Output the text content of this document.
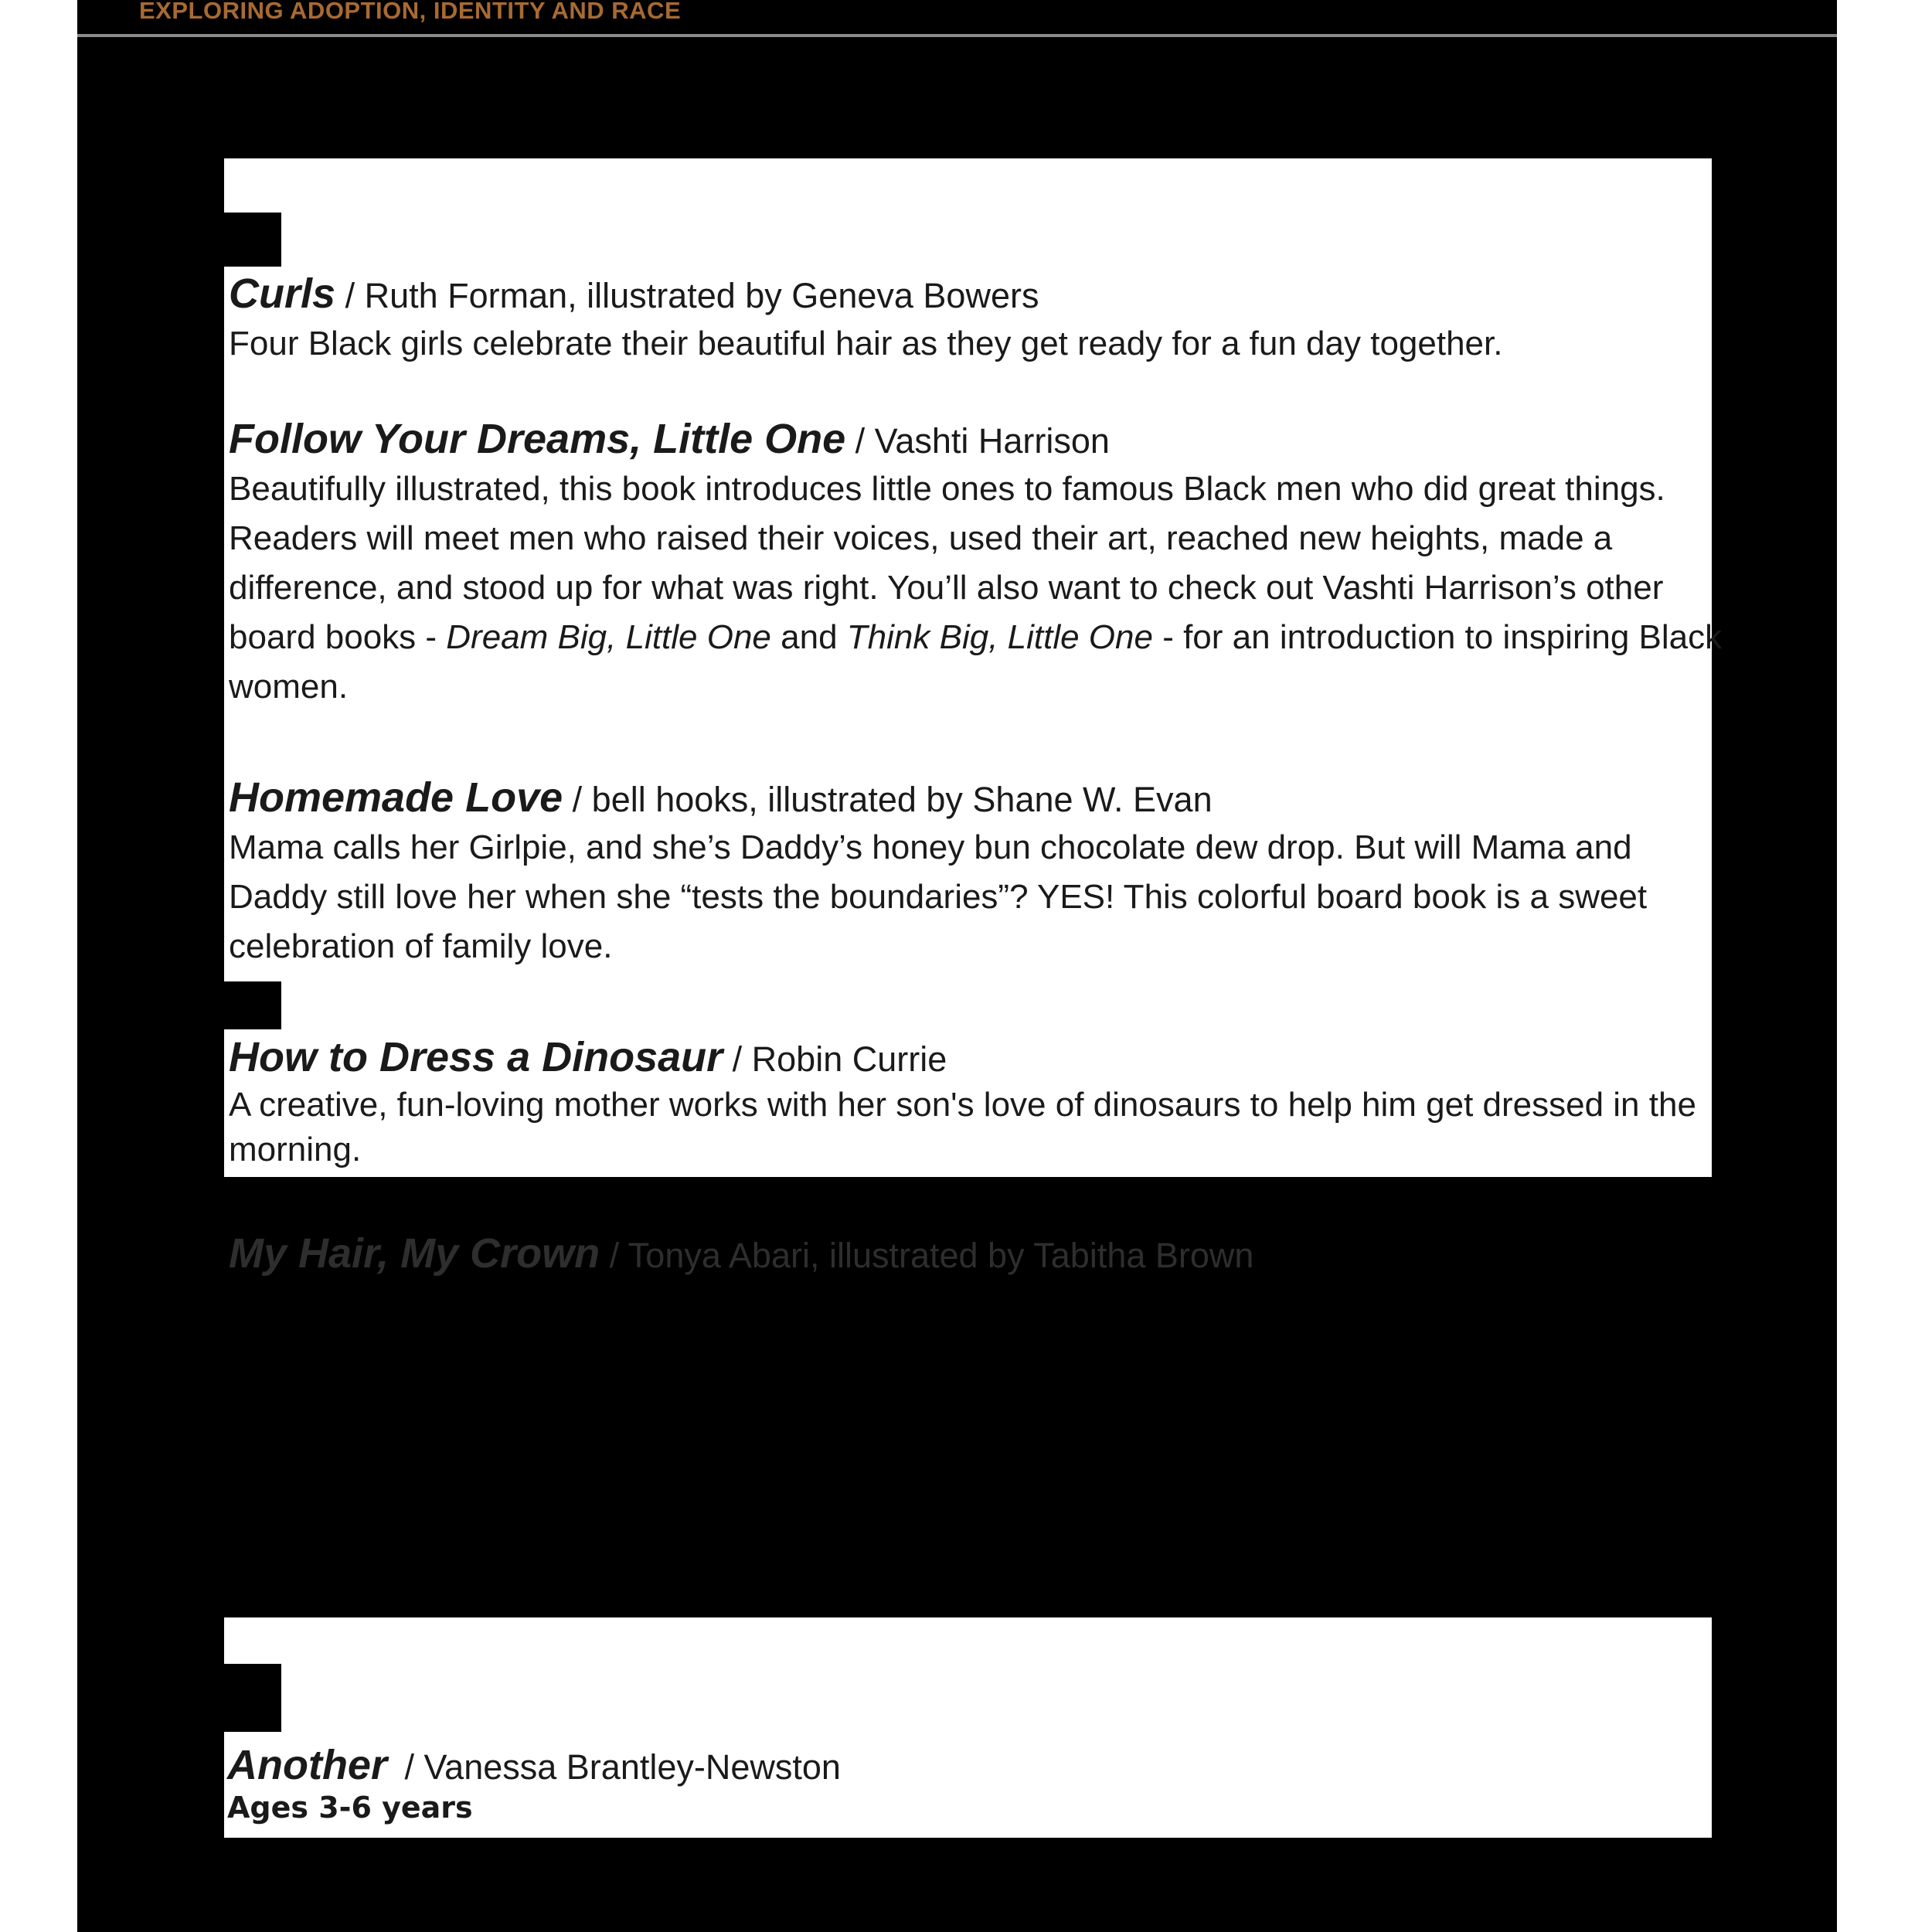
EXPLORING ADOPTION, IDENTITY AND RACE
Curls / Ruth Forman, illustrated by Geneva Bowers
Four Black girls celebrate their beautiful hair as they get ready for a fun day together.
Follow Your Dreams, Little One / Vashti Harrison
Beautifully illustrated, this book introduces little ones to famous Black men who did great things. Readers will meet men who raised their voices, used their art, reached new heights, made a difference, and stood up for what was right. You’ll also want to check out Vashti Harrison’s other board books - Dream Big, Little One and Think Big, Little One - for an introduction to inspiring Black women.
Homemade Love / bell hooks, illustrated by Shane W. Evan
Mama calls her Girlpie, and she’s Daddy’s honey bun chocolate dew drop. But will Mama and Daddy still love her when she “tests the boundaries”? YES! This colorful board book is a sweet celebration of family love.
How to Dress a Dinosaur / Robin Currie
A creative, fun-loving mother works with her son's love of dinosaurs to help him get dressed in the morning.
My Hair, My Crown / Tonya Abari, illustrated by Tabitha Brown
Another / Vanessa Brantley-Newston
Ages 3-6 years
